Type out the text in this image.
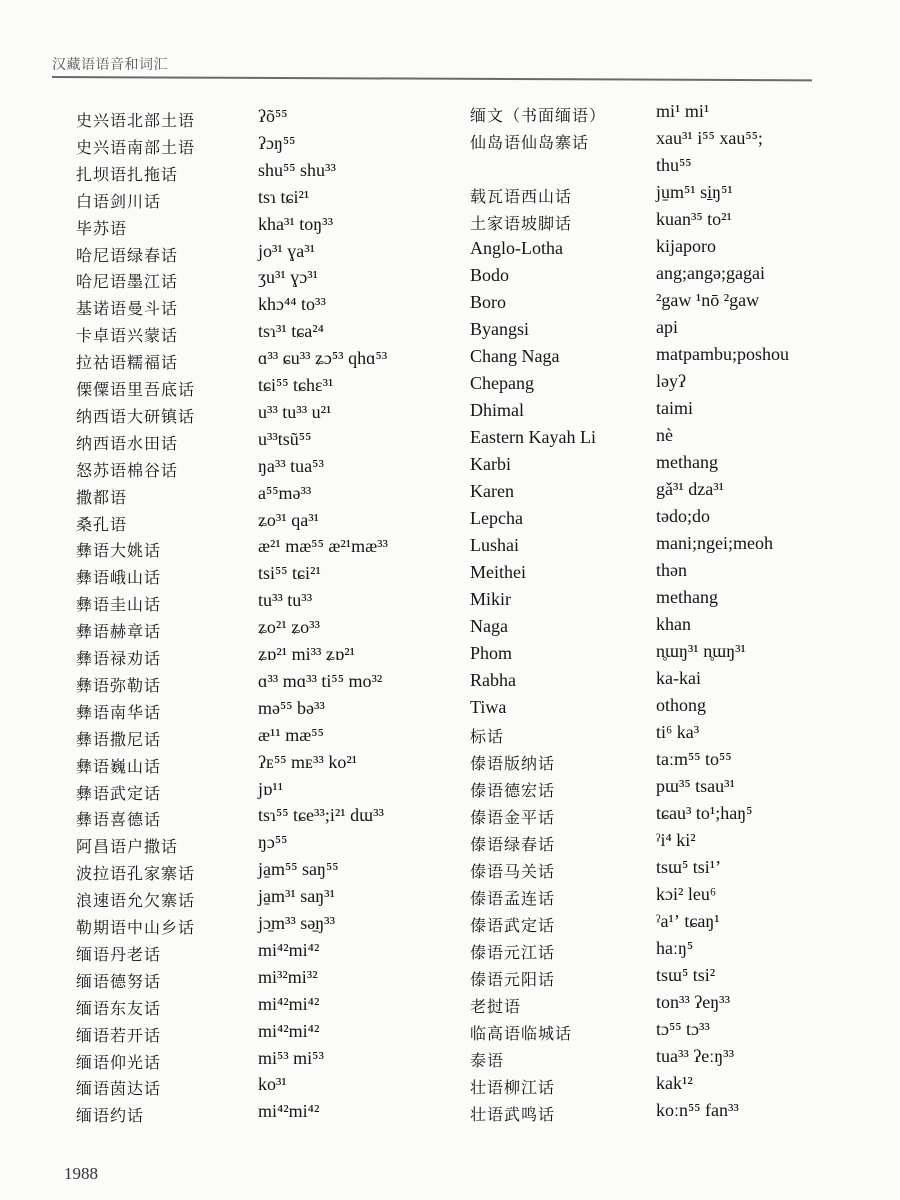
汉藏语语音和词汇
史兴语北部土语	ʔõ⁵⁵
史兴语南部土语	ʔɔŋ⁵⁵
扎坝语扎拖话	shu⁵⁵ shu³³
白语剑川话	tsɿ tɕi²¹
毕苏语	kha³¹ toŋ³³
哈尼语绿春话	jo³¹ ɣa³¹
哈尼语墨江话	ʒu³¹ ɣɔ³¹
基诺语曼斗话	khɔ⁴⁴ to³³
卡卓语兴蒙话	tsɿ³¹ tɕa²⁴
拉祜语糯福话	ɑ³³ ɕu³³ ʑɔ⁵³ qhɑ⁵³
傈僳语里吾底话	tɕi⁵⁵ tɕhɛ³¹
纳西语大研镇话	u³³ tu³³ u²¹
纳西语水田话	u³³tsũ⁵⁵
怒苏语棉谷话	ŋa³³ tua⁵³
撒都语	a⁵⁵mə³³
桑孔语	ʑo³¹ qa³¹
彝语大姚话	æ²¹ mæ⁵⁵ æ²¹mæ³³
彝语峨山话	tsi⁵⁵ tɕi²¹
彝语圭山话	tu³³ tu³³
彝语赫章话	ʑo²¹ ʑo³³
彝语禄劝话	ʑɒ²¹ mi³³ ʑɒ²¹
彝语弥勒话	ɑ³³ mɑ³³ ti⁵⁵ mo³²
彝语南华话	mə⁵⁵ bə³³
彝语撒尼话	æ¹¹ mæ⁵⁵
彝语巍山话	ʔᴇ⁵⁵ mᴇ³³ ko²¹
彝语武定话	jɒ¹¹
彝语喜德话	tsɿ⁵⁵ tɕe³³;i²¹ dɯ³³
阿昌语户撒话	ŋɔ⁵⁵
波拉语孔家寨话	ja̠m⁵⁵ saŋ⁵⁵
浪速语允欠寨话	ja̠m³¹ saŋ³¹
勒期语中山乡话	jɔ̠m³³ sə̠ŋ³³
缅语丹老话	mi⁴²mi⁴²
缅语德努话	mi³²mi³²
缅语东友话	mi⁴²mi⁴²
缅语若开话	mi⁴²mi⁴²
缅语仰光话	mi⁵³ mi⁵³
缅语茵达话	ko³¹
缅语约话	mi⁴²mi⁴²
缅文（书面缅语）	mi¹ mi¹
仙岛语仙岛寨话	xau³¹ i⁵⁵ xau⁵⁵;
thu⁵⁵
载瓦语西山话	ju̠m⁵¹ si̠ŋ⁵¹
土家语坡脚话	kuan³⁵ to²¹
Anglo-Lotha	kijaporo
Bodo	ang;angə;gagai
Boro	²gaw ¹nō ²gaw
Byangsi	api
Chang Naga	matpambu;poshou
Chepang	ləyʔ
Dhimal	taimi
Eastern Kayah Li	nè
Karbi	methang
Karen	gǎ³¹ dza³¹
Lepcha	tədo;do
Lushai	mani;ngei;meoh
Meithei	thən
Mikir	methang
Naga	khan
Phom	n̥ɯŋ³¹ n̥ɯŋ³¹
Rabha	ka-kai
Tiwa	othong
标话	ti⁶ ka³
傣语版纳话	taːm⁵⁵ to⁵⁵
傣语德宏话	pɯ³⁵ tsau³¹
傣语金平话	tɕau³ to¹;haŋ⁵
傣语绿春话	ˀi⁴ ki²
傣语马关话	tsɯ⁵ tsi¹ʼ
傣语孟连话	kɔi² leu⁶
傣语武定话	ˀa¹ʼ tɕaŋ¹
傣语元江话	haːŋ⁵
傣语元阳话	tsɯ⁵ tsi²
老挝语	ton³³ ʔeŋ³³
临高语临城话	tɔ⁵⁵ tɔ³³
泰语	tua³³ ʔeːŋ³³
壮语柳江话	kak¹²
壮语武鸣话	koːn⁵⁵ fan³³
1988
